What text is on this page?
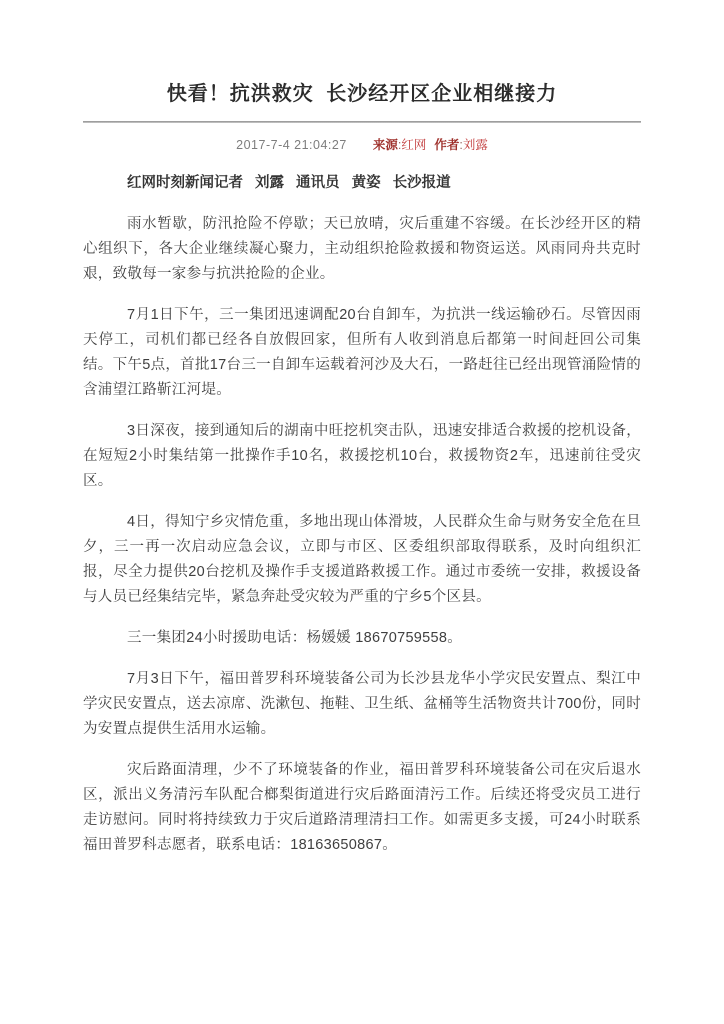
快看！抗洪救灾 长沙经开区企业相继接力
2017-7-4 21:04:27 来源:红网 作者:刘露

红网时刻新闻记者 刘露 通讯员 黄姿 长沙报道

雨水暂歇，防汛抢险不停歇；天已放晴，灾后重建不容缓。在长沙经开区的精心组织下，各大企业继续凝心聚力，主动组织抢险救援和物资运送。风雨同舟共克时艰，致敬每一家参与抗洪抢险的企业。

7月1日下午，三一集团迅速调配20台自卸车，为抗洪一线运输砂石。尽管因雨天停工，司机们都已经各自放假回家，但所有人收到消息后都第一时间赶回公司集结。下午5点，首批17台三一自卸车运载着河沙及大石，一路赶往已经出现管涌险情的含浦望江路靳江河堤。

3日深夜，接到通知后的湖南中旺挖机突击队，迅速安排适合救援的挖机设备，在短短2小时集结第一批操作手10名，救援挖机10台，救援物资2车，迅速前往受灾区。

4日，得知宁乡灾情危重，多地出现山体滑坡，人民群众生命与财务安全危在旦夕，三一再一次启动应急会议，立即与市区、区委组织部取得联系，及时向组织汇报，尽全力提供20台挖机及操作手支援道路救援工作。通过市委统一安排，救援设备与人员已经集结完毕，紧急奔赴受灾较为严重的宁乡5个区县。

三一集团24小时援助电话：杨媛媛 18670759558。

7月3日下午，福田普罗科环境装备公司为长沙县龙华小学灾民安置点、梨江中学灾民安置点，送去凉席、洗漱包、拖鞋、卫生纸、盆桶等生活物资共计700份，同时为安置点提供生活用水运输。

灾后路面清理，少不了环境装备的作业，福田普罗科环境装备公司在灾后退水区，派出义务清污车队配合榔梨街道进行灾后路面清污工作。后续还将受灾员工进行走访慰问。同时将持续致力于灾后道路清理清扫工作。如需更多支援，可24小时联系福田普罗科志愿者，联系电话：18163650867。
